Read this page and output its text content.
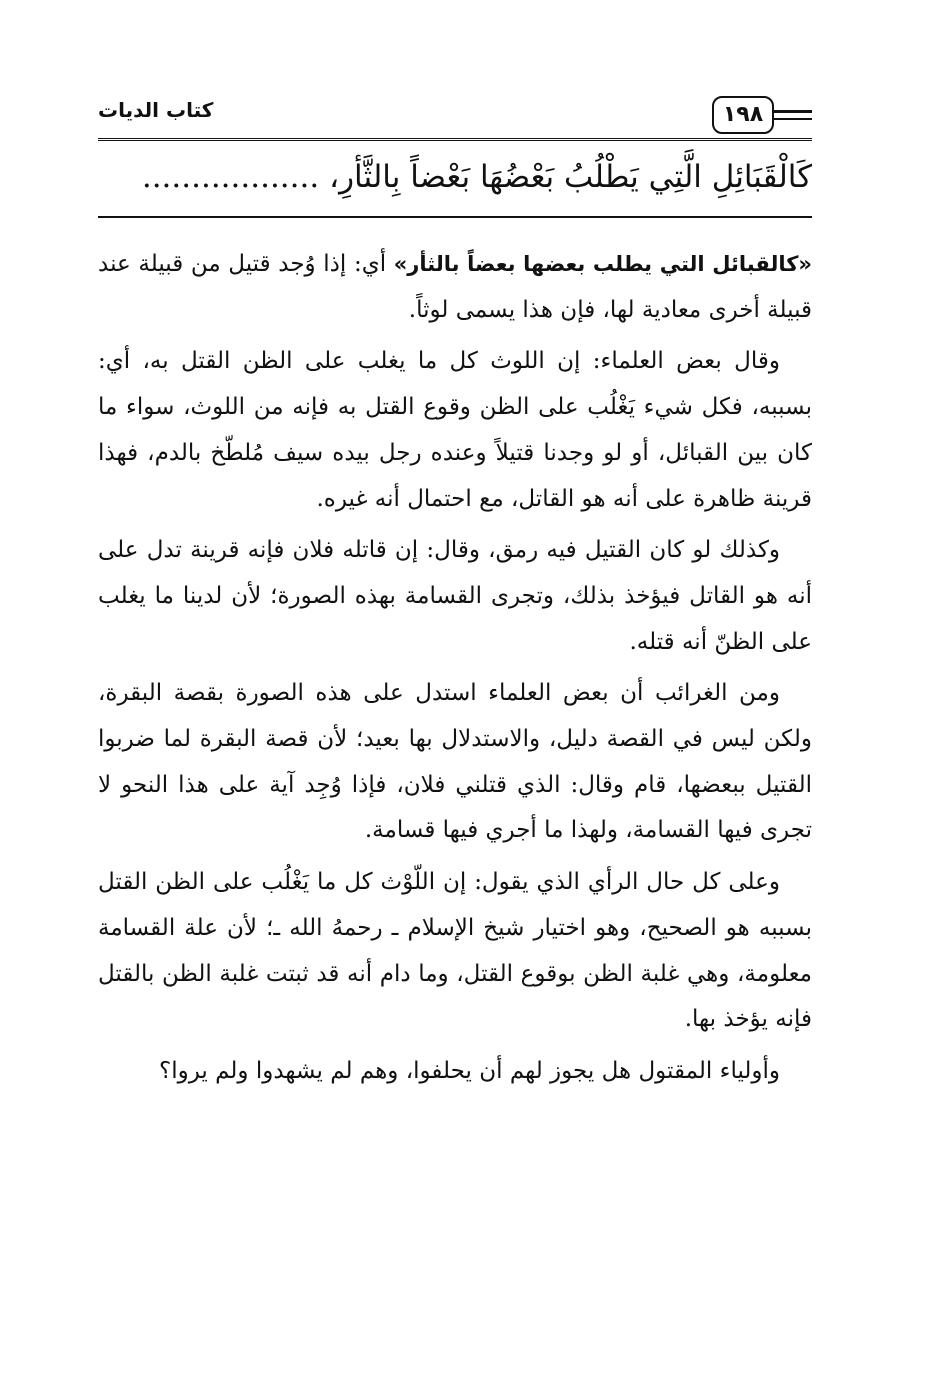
كتاب الديات	١٩٨
كَالْقَبَائِلِ الَّتِي يَطْلُبُ بَعْضُهَا بَعْضاً بِالثَّأرِ، ..................

«كالقبائل التي يطلب بعضها بعضاً بالثأر» أي: إذا وُجد قتيل من قبيلة عند قبيلة أخرى معادية لها، فإن هذا يسمى لوثاً.

وقال بعض العلماء: إن اللوث كل ما يغلب على الظن القتل به، أي: بسببه، فكل شيء يَغْلُب على الظن وقوع القتل به فإنه من اللوث، سواء ما كان بين القبائل، أو لو وجدنا قتيلاً وعنده رجل بيده سيف مُلطّخ بالدم، فهذا قرينة ظاهرة على أنه هو القاتل، مع احتمال أنه غيره.

وكذلك لو كان القتيل فيه رمق، وقال: إن قاتله فلان فإنه قرينة تدل على أنه هو القاتل فيؤخذ بذلك، وتجرى القسامة بهذه الصورة؛ لأن لدينا ما يغلب على الظنّ أنه قتله.

ومن الغرائب أن بعض العلماء استدل على هذه الصورة بقصة البقرة، ولكن ليس في القصة دليل، والاستدلال بها بعيد؛ لأن قصة البقرة لما ضربوا القتيل ببعضها، قام وقال: الذي قتلني فلان، فإذا وُجِد آية على هذا النحو لا تجرى فيها القسامة، ولهذا ما أجري فيها قسامة.

وعلى كل حال الرأي الذي يقول: إن اللّوْث كل ما يَغْلُب على الظن القتل بسببه هو الصحيح، وهو اختيار شيخ الإسلام ـ رحمهُ الله ـ؛ لأن علة القسامة معلومة، وهي غلبة الظن بوقوع القتل، وما دام أنه قد ثبتت غلبة الظن بالقتل فإنه يؤخذ بها.

وأولياء المقتول هل يجوز لهم أن يحلفوا، وهم لم يشهدوا ولم يروا؟
